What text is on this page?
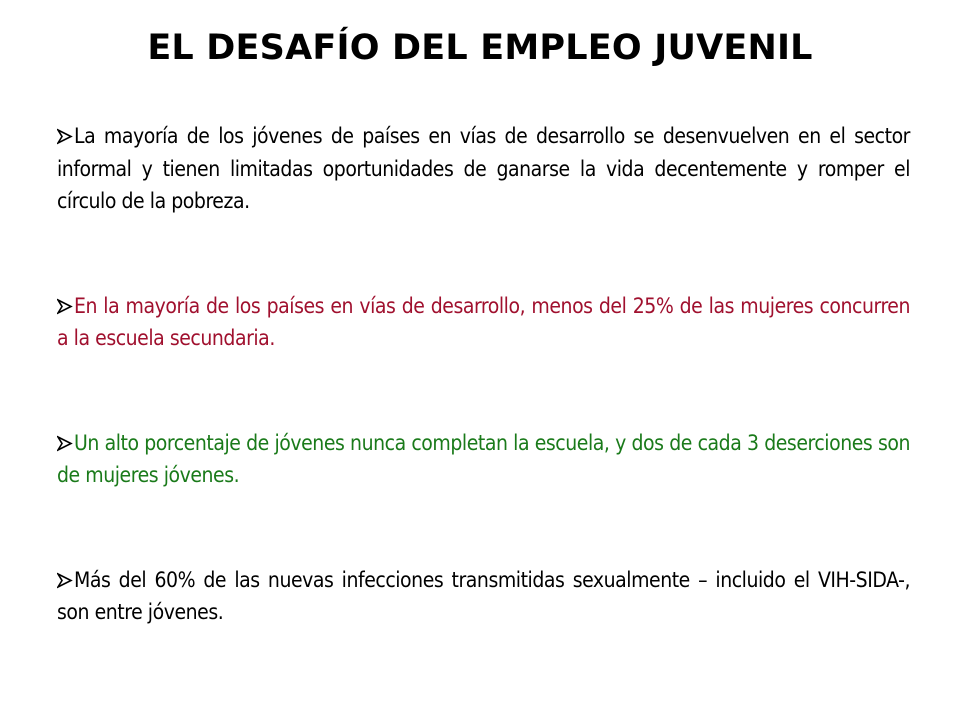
EL DESAFÍO DEL EMPLEO JUVENIL
La mayoría de los jóvenes de países en vías de desarrollo se desenvuelven en el sector informal y tienen limitadas oportunidades de ganarse la vida decentemente y romper el círculo de la pobreza.
En la mayoría de los países en vías de desarrollo, menos del 25% de las mujeres concurren a la escuela secundaria.
Un alto porcentaje de jóvenes nunca completan la escuela, y dos de cada 3 deserciones son de mujeres jóvenes.
Más del 60% de las nuevas infecciones transmitidas sexualmente – incluido el VIH-SIDA-, son entre jóvenes.
